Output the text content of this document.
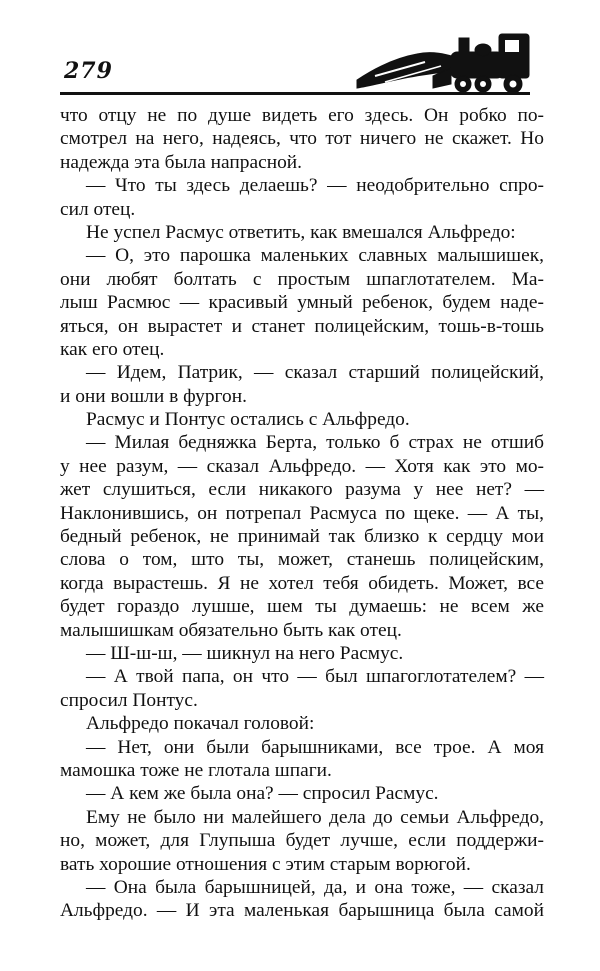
279
что отцу не по душе видеть его здесь. Он робко по-
смотрел на него, надеясь, что тот ничего не скажет. Но
надежда эта была напрасной.
— Что ты здесь делаешь? — неодобрительно спро-
сил отец.
Не успел Расмус ответить, как вмешался Альфредо:
— О, это парошка маленьких славных малышишек,
они любят болтать с простым шпаглотателем. Ма-
лыш Расмюс — красивый умный ребенок, будем наде-
яться, он вырастет и станет полицейским, тошь-в-тошь
как его отец.
— Идем, Патрик, — сказал старший полицейский,
и они вошли в фургон.
Расмус и Понтус остались с Альфредо.
— Милая бедняжка Берта, только б страх не отшиб
у нее разум, — сказал Альфредо. — Хотя как это мо-
жет слушиться, если никакого разума у нее нет? —
Наклонившись, он потрепал Расмуса по щеке. — А ты,
бедный ребенок, не принимай так близко к сердцу мои
слова о том, што ты, может, станешь полицейским,
когда вырастешь. Я не хотел тебя обидеть. Может, все
будет гораздо лушше, шем ты думаешь: не всем же
малышишкам обязательно быть как отец.
— Ш-ш-ш, — шикнул на него Расмус.
— А твой папа, он что — был шпагоглотателем? —
спросил Понтус.
Альфредо покачал головой:
— Нет, они были барышниками, все трое. А моя
мамошка тоже не глотала шпаги.
— А кем же была она? — спросил Расмус.
Ему не было ни малейшего дела до семьи Альфредо,
но, может, для Глупыша будет лучше, если поддержи-
вать хорошие отношения с этим старым ворюгой.
— Она была барышницей, да, и она тоже, — сказал
Альфредо. — И эта маленькая барышница была самой
